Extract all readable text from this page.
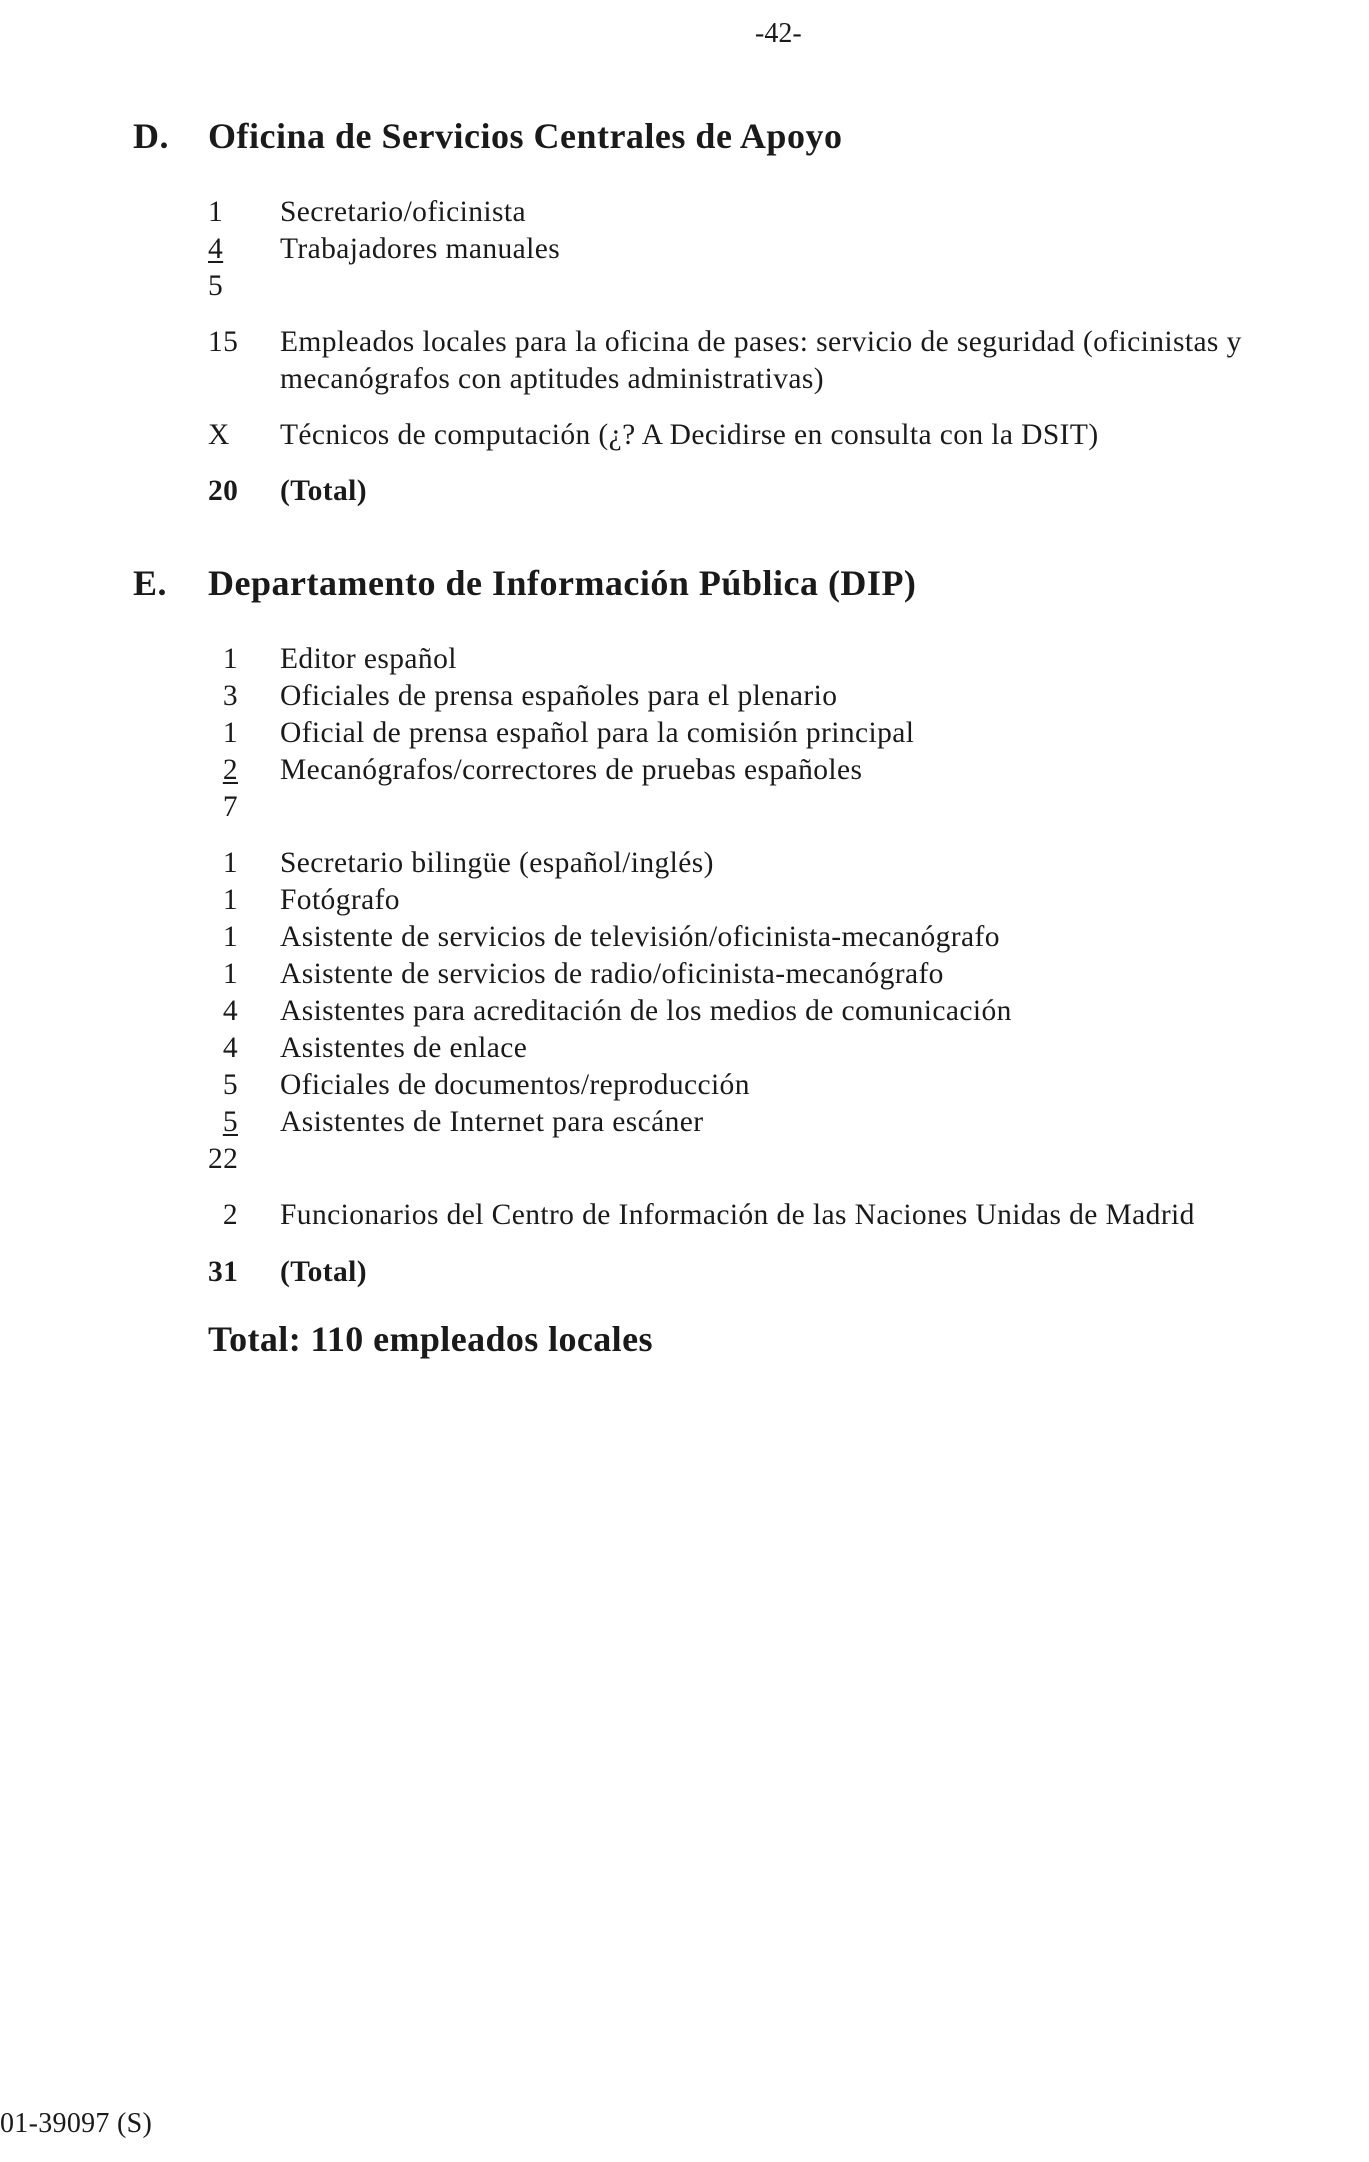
-42-
D. Oficina de Servicios Centrales de Apoyo
1	Secretario/oficinista
4	Trabajadores manuales
5
15	Empleados locales para la oficina de pases: servicio de seguridad (oficinistas y mecanógrafos con aptitudes administrativas)
X	Técnicos de computación (¿? A Decidirse en consulta con la DSIT)
20	(Total)
E. Departamento de Información Pública (DIP)
1	Editor español
3	Oficiales de prensa españoles para el plenario
1	Oficial de prensa español para la comisión principal
2	Mecanógrafos/correctores de pruebas españoles
7
1	Secretario bilingüe (español/inglés)
1	Fotógrafo
1	Asistente de servicios de televisión/oficinista-mecanógrafo
1	Asistente de servicios de radio/oficinista-mecanógrafo
4	Asistentes para acreditación de los medios de comunicación
4	Asistentes de enlace
5	Oficiales de documentos/reproducción
5	Asistentes de Internet para escáner
22
2	Funcionarios del Centro de Información de las Naciones Unidas de Madrid
31	(Total)
Total: 110 empleados locales
01-39097 (S)
